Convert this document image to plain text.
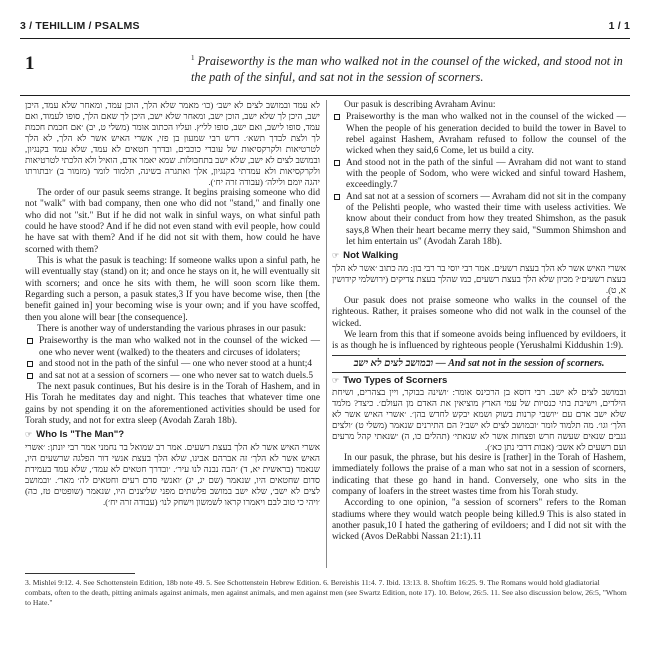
3 / TEHILLIM / PSALMS	1 / 1
1	$^1$ Praiseworthy is the man who walked not in the counsel of the wicked, and stood not in the path of the sinful, and sat not in the session of scorners.

לא עמד ובמושב לצים לא ישב׳ (כו׳ מאמר שלא הלך, הוכן עמד, ומאחר שלא עמד, היכן ישב, היכן לך שלא ישב, הוכן ישב, ומאחר שלא ישב, היכן לך שאם הלך, סופו לעמוד, ואם עמד, סופו לישב, ואם ישב, סופו לליץ. ועליו הכתוב אומר (משלי ט, יב) ׳אם חכמת חכמת לך ולצת לבדך תשא׳. דרש רבי שמעון בן פזי, אשרי האיש אשר לא הלך, לא הלך לטרטיאות ולקרקסיאות של עובדי כוכבים, ובדרך חטאים לא עמד, שלא עמד בקנגיון, ובמושב לצים לא ישב, שלא ישב בתחבולות. שמא יאמר אדם, הואיל ולא הלכתי לטרטיאות ולקרקסיאות ולא עמדתי בקנגיון, אלך ואתגרה בשינה, תלמוד לומר (מזמור ב) ׳ובתורתו יהגה יומם ולילה׳ (עבודה זרה יח׳).

The order of our pasuk seems strange. It begins praising someone who did not "walk" with bad company, then one who did not "stand," and finally one who did not "sit." But if he did not walk in sinful ways, on what sinful path could he have stood? And if he did not even stand with evil people, how could he have sat with them? And if he did not sit with them, how could he have scorned with them?

This is what the pasuk is teaching: If someone walks upon a sinful path, he will eventually stay (stand) on it; and once he stays on it, he will eventually sit with scorners; and once he sits with them, he will soon scorn like them. Regarding such a person, a pasuk states,3 If you have become wise, then [the benefit gained in] your becoming wise is your own; and if you have scoffed, then you alone will bear [the consequence].

There is another way of understanding the various phrases in our pasuk:

Praiseworthy is the man who walked not in the counsel of the wicked — one who never went (walked) to the theaters and circuses of idolaters;
and stood not in the path of the sinful — one who never stood at a hunt;4
and sat not at a session of scorners — one who never sat to watch duels.5

The next pasuk continues, But his desire is in the Torah of Hashem, and in His Torah he meditates day and night. This teaches that whatever time one gains by not spending it on the aforementioned activities should be used for Torah study, and not for extra sleep (Avodah Zarah 18b).

☞ Who Is "The Man"?

אשרי האיש אשר לא הלך בעצת רשעים. אמר רב שמואל בר נחמני אמר רבי יונתן: ׳אשרי האיש אשר לא הלך׳ זה אברהם אבינו, שלא הלך בעצת אנשי דור הפלגה שרשעים היו, שנאמר (בראשית יא, ד) ׳הבה נבנה לנו עיר׳. ׳ובדרך חטאים לא עמד׳, שלא עמד בעמידת סדום שחטאים היו, שנאמר (שם יג, יג) ׳ואנשי סדם רעים וחטאים לה׳ מאד׳. ׳ובמושב לצים לא ישב׳, שלא ישב במושב פלשתים מפני שליצנים היו, שנאמר (שופטים טז, כה) ׳ויהי כי טוב לבם ויאמרו קראו לשמשון וישחק לנו׳ (עבודה זרה יח׳).

Our pasuk is describing Avraham Avinu:

Praiseworthy is the man who walked not in the counsel of the wicked — When the people of his generation decided to build the tower in Bavel to rebel against Hashem, Avraham refused to follow the counsel of the wicked when they said,6 Come, let us build a city.
And stood not in the path of the sinful — Avraham did not want to stand with the people of Sodom, who were wicked and sinful toward Hashem, exceedingly.7
And sat not at a session of scorners — Avraham did not sit in the company of the Pelishti people, who wasted their time with useless activities. We know about their conduct from how they treated Shimshon, as the pasuk says,8 When their heart became merry they said, "Summon Shimshon and let him entertain us" (Avodah Zarah 18b).
☞ Not Walking

אשרי האיש אשר לא הלך בעצת רשעים. אמר רבי יוסי בר רבי בון: מה כתוב ׳אשר לא הלך בעצת רשעים׳? מכיון שלא הלך בעצת רשעים, כמו שהלך בעצת צדיקים (ירושלמי קידושין א, ט).

Our pasuk does not praise someone who walks in the counsel of the righteous. Rather, it praises someone who did not walk in the counsel of the wicked.

We learn from this that if someone avoids being influenced by evildoers, it is as though he is influenced by righteous people (Yerushalmi Kiddushin 1:9).

ובמושב לצים לא ישב — And sat not in the session of scorners.
☞ Two Types of Scorners

ובמושב לצים לא ישב. רבי דוסא בן הרכינס אומר: ׳ושינה בבוקר, ויין בצהרים, ושיחת הילדים, וישיבת בתי כנסיות של עמי הארץ מוציאין את האדם מן העולם׳. כיצד? מלמד שלא ישב אדם עם ׳יושבי קרנות בשוק ושמא יבקש לחדש בהן׳. ׳אשרי האיש אשר לא הלך׳ וגו׳. מה תלמוד לומר ׳ובמושב לצים לא ישב׳? הם התירנים שנאמר (משלי ט) ׳ולצים גנבים שנאים שעשה חרש ופצחות אשר לא שנאתי׳ (תהלים כו, ה) ׳שנאתי קהל מרעים ועם רשעים לא אשב׳ (אבות דרבי נתן כא׳).

In our pasuk, the phrase, but his desire is [rather] in the Torah of Hashem, immediately follows the praise of a man who sat not in a session of scorners, indicating that these go hand in hand. Conversely, one who sits in the company of loafers in the street wastes time from his Torah study.

According to one opinion, "a session of scorners" refers to the Roman stadiums where they would watch people being killed.9 This is also stated in another pasuk,10 I hated the gathering of evildoers; and I did not sit with the wicked (Avos DeRabbi Nassan 21:1).11

3. Mishlei 9:12. 4. See Schottenstein Edition, 18b note 49. 5. See Schottenstein Hebrew Edition. 6. Bereishis 11:4. 7. Ibid. 13:13. 8. Shoftim 16:25. 9. The Romans would hold gladiatorial combats, often to the death, pitting animals against animals, men against animals, and men against men (see Swartz Edition, note 17). 10. Below, 26:5. 11. See also discussion below, 26:5, "Whom to Hate."
